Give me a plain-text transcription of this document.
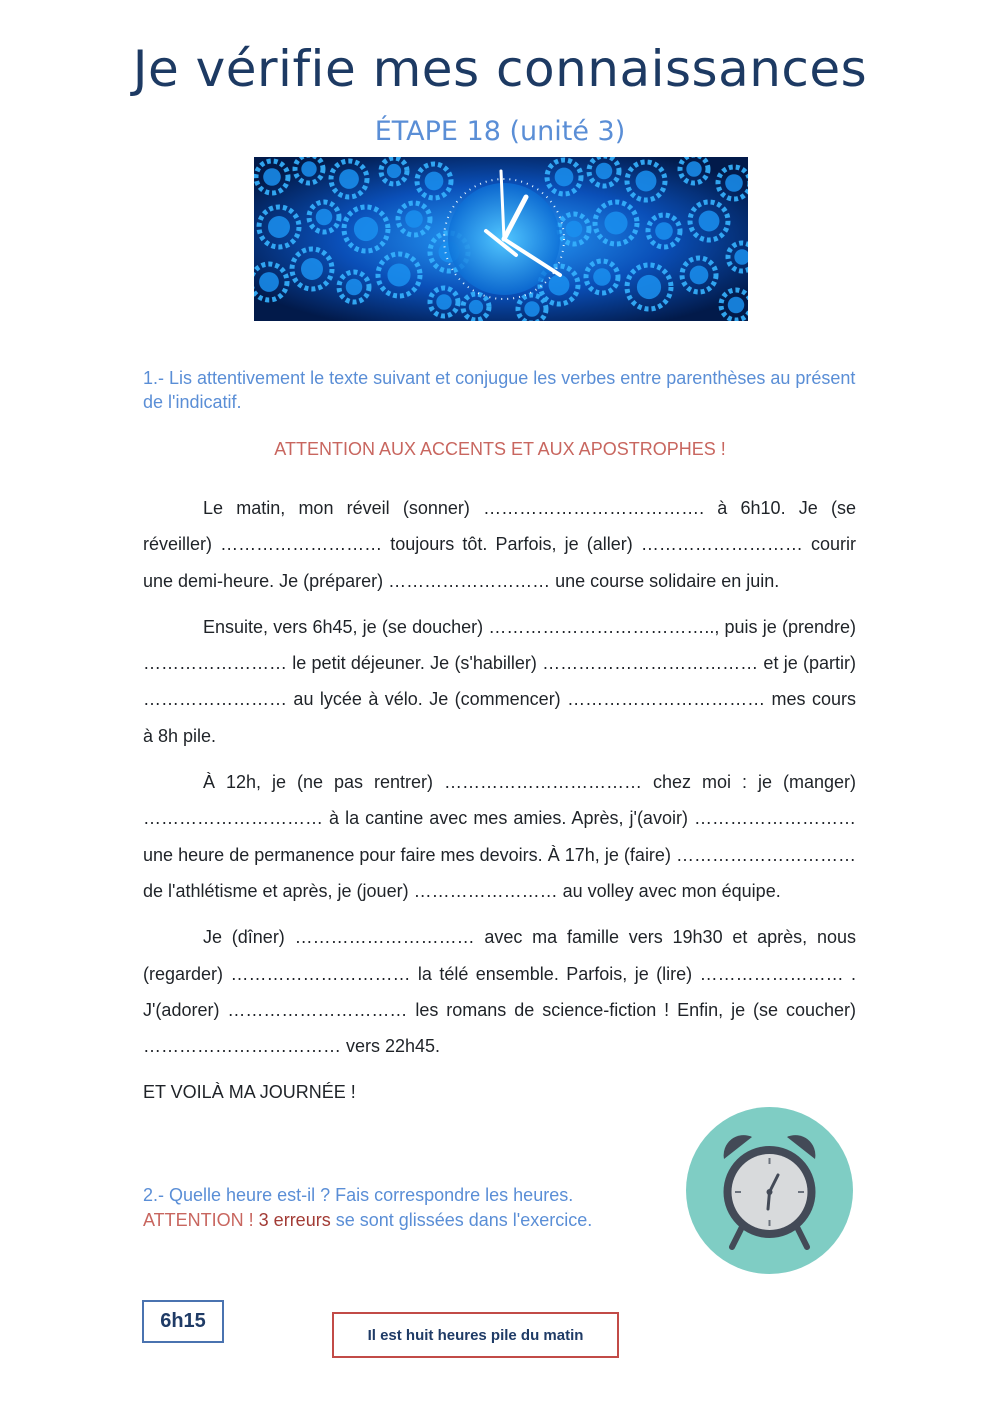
Je vérifie mes connaissances
ÉTAPE 18 (unité 3)
1.- Lis attentivement le texte suivant et conjugue les verbes entre parenthèses au présent de l'indicatif.
ATTENTION AUX ACCENTS ET AUX APOSTROPHES !

Le matin, mon réveil (sonner) ………………………………. à 6h10. Je (se réveiller) ……………………… toujours tôt. Parfois, je (aller) ……………………… courir une demi-heure. Je (préparer) ……………………… une course solidaire en juin.

Ensuite, vers 6h45, je (se doucher) ……………………………….., puis je (prendre) …………………… le petit déjeuner. Je (s'habiller) ……………………………… et je (partir) …………………… au lycée à vélo. Je (commencer) …………………………… mes cours à 8h pile.

À 12h, je (ne pas rentrer) …………………………… chez moi : je (manger) ………………………… à la cantine avec mes amies. Après, j'(avoir) ……………………… une heure de permanence pour faire mes devoirs. À 17h, je (faire) ………………………… de l'athlétisme et après, je (jouer) …………………… au volley avec mon équipe.

Je (dîner) ………………………… avec ma famille vers 19h30 et après, nous (regarder) ………………………… la télé ensemble. Parfois, je (lire) …………………… . J'(adorer) ………………………… les romans de science-fiction ! Enfin, je (se coucher) …………………………… vers 22h45.

ET VOILÀ MA JOURNÉE !

2.- Quelle heure est-il ? Fais correspondre les heures.
ATTENTION ! 3 erreurs se sont glissées dans l'exercice.
6h15
Il est huit heures pile du matin
